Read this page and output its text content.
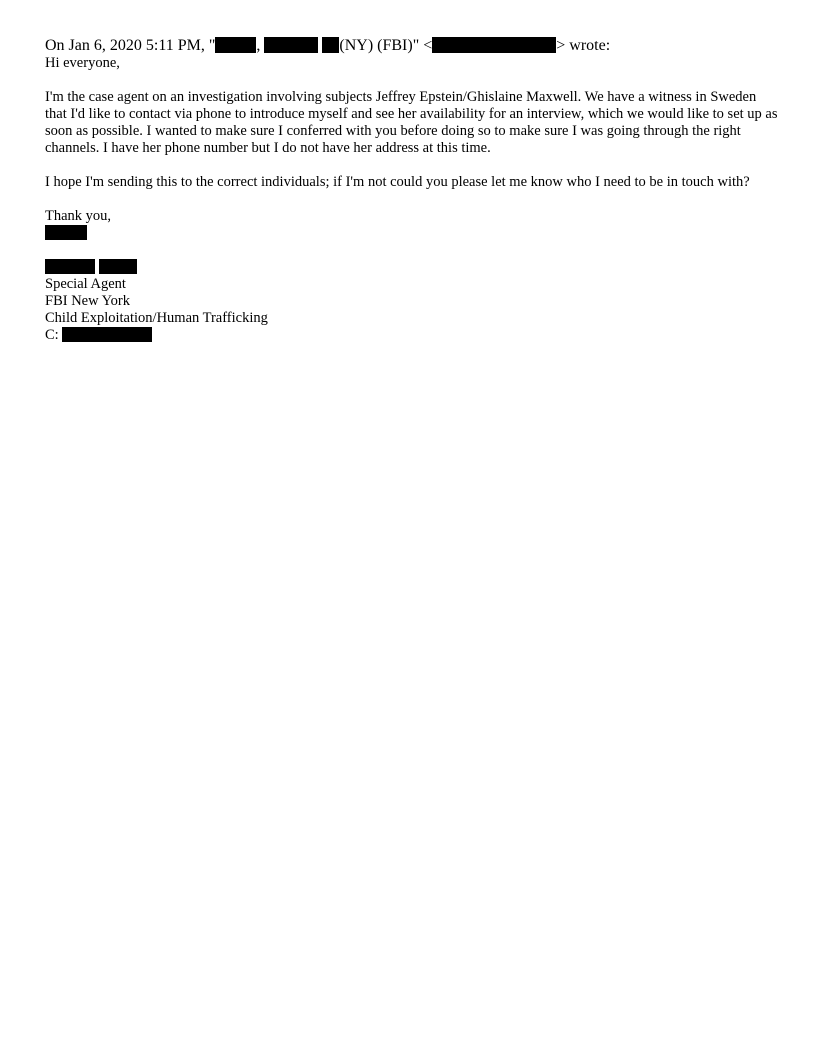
On Jan 6, 2020 5:11 PM, "	,	(NY) (FBI)" <	> wrote:
Hi everyone,
I'm the case agent on an investigation involving subjects Jeffrey Epstein/Ghislaine Maxwell. We have a witness in Sweden that I'd like to contact via phone to introduce myself and see her availability for an interview, which we would like to set up as soon as possible. I wanted to make sure I conferred with you before doing so to make sure I was going through the right channels. I have her phone number but I do not have her address at this time.
I hope I'm sending this to the correct individuals; if I'm not could you please let me know who I need to be in touch with?
Thank you,

Special Agent
FBI New York
Child Exploitation/Human Trafficking
C:
